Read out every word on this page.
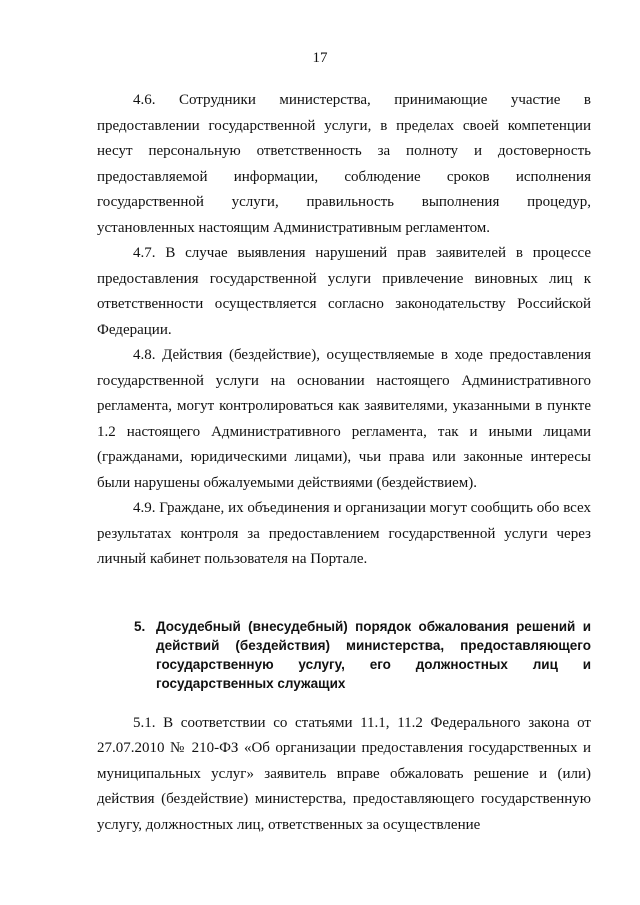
17

4.6. Сотрудники министерства, принимающие участие в предоставлении государственной услуги, в пределах своей компетенции несут персональную ответственность за полноту и достоверность предоставляемой информации, соблюдение сроков исполнения государственной услуги, правильность выполнения процедур, установленных настоящим Административным регламентом.

4.7. В случае выявления нарушений прав заявителей в процессе предоставления государственной услуги привлечение виновных лиц к ответственности осуществляется согласно законодательству Российской Федерации.

4.8. Действия (бездействие), осуществляемые в ходе предоставления государственной услуги на основании настоящего Административного регламента, могут контролироваться как заявителями, указанными в пункте 1.2 настоящего Административного регламента, так и иными лицами (гражданами, юридическими лицами), чьи права или законные интересы были нарушены обжалуемыми действиями (бездействием).

4.9. Граждане, их объединения и организации могут сообщить обо всех результатах контроля за предоставлением государственной услуги через личный кабинет пользователя на Портале.

5. Досудебный (внесудебный) порядок обжалования решений и действий (бездействия) министерства, предоставляющего государственную услугу, его должностных лиц и государственных служащих

5.1. В соответствии со статьями 11.1, 11.2 Федерального закона от 27.07.2010 № 210-ФЗ «Об организации предоставления государственных и муниципальных услуг» заявитель вправе обжаловать решение и (или) действия (бездействие) министерства, предоставляющего государственную услугу, должностных лиц, ответственных за осуществление
